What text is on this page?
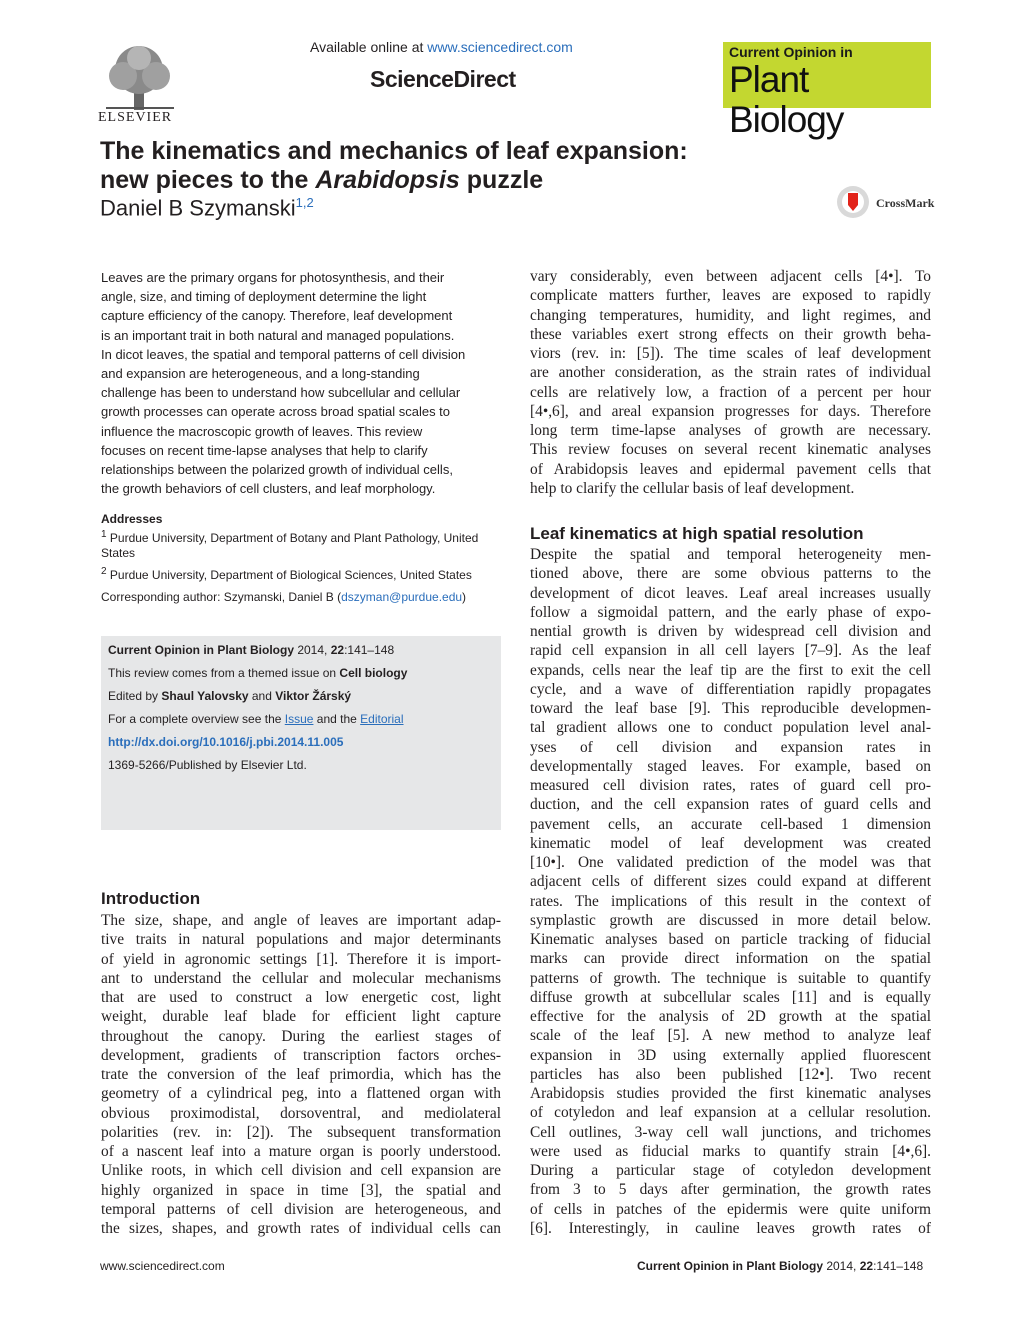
ELSEVIER
Available online at www.sciencedirect.com
ScienceDirect
Current Opinion in
Plant Biology
The kinematics and mechanics of leaf expansion:
new pieces to the Arabidopsis puzzle
Daniel B Szymanski$^{1,2}$	CrossMark

Leaves are the primary organs for photosynthesis, and their

angle, size, and timing of deployment determine the light

capture efficiency of the canopy. Therefore, leaf development

is an important trait in both natural and managed populations.

In dicot leaves, the spatial and temporal patterns of cell division

and expansion are heterogeneous, and a long-standing

challenge has been to understand how subcellular and cellular

growth processes can operate across broad spatial scales to

influence the macroscopic growth of leaves. This review

focuses on recent time-lapse analyses that help to clarify

relationships between the polarized growth of individual cells,

the growth behaviors of cell clusters, and leaf morphology.

Addresses
$^1$ Purdue University, Department of Botany and Plant Pathology, United
States
$^2$ Purdue University, Department of Biological Sciences, United States
Corresponding author: Szymanski, Daniel B (dszyman@purdue.edu)
Current Opinion in Plant Biology 2014, 22:141–148
This review comes from a themed issue on Cell biology
Edited by Shaul Yalovsky and Viktor Žárský
For a complete overview see the Issue and the Editorial
http://dx.doi.org/10.1016/j.pbi.2014.11.005
1369-5266/Published by Elsevier Ltd.
Introduction
The size, shape, and angle of leaves are important adap-
tive traits in natural populations and major determinants
of yield in agronomic settings [1]. Therefore it is import-
ant to understand the cellular and molecular mechanisms
that are used to construct a low energetic cost, light
weight, durable leaf blade for efficient light capture
throughout the canopy. During the earliest stages of
development, gradients of transcription factors orches-
trate the conversion of the leaf primordia, which has the
geometry of a cylindrical peg, into a flattened organ with
obvious proximodistal, dorsoventral, and mediolateral
polarities (rev. in: [2]). The subsequent transformation
of a nascent leaf into a mature organ is poorly understood.
Unlike roots, in which cell division and cell expansion are
highly organized in space in time [3], the spatial and
temporal patterns of cell division are heterogeneous, and
the sizes, shapes, and growth rates of individual cells can
vary considerably, even between adjacent cells [4•]. To
complicate matters further, leaves are exposed to rapidly
changing temperatures, humidity, and light regimes, and
these variables exert strong effects on their growth beha-
viors (rev. in: [5]). The time scales of leaf development
are another consideration, as the strain rates of individual
cells are relatively low, a fraction of a percent per hour
[4•,6], and areal expansion progresses for days. Therefore
long term time-lapse analyses of growth are necessary.
This review focuses on several recent kinematic analyses
of Arabidopsis leaves and epidermal pavement cells that
help to clarify the cellular basis of leaf development.
Leaf kinematics at high spatial resolution
Despite the spatial and temporal heterogeneity men-
tioned above, there are some obvious patterns to the
development of dicot leaves. Leaf areal increases usually
follow a sigmoidal pattern, and the early phase of expo-
nential growth is driven by widespread cell division and
rapid cell expansion in all cell layers [7–9]. As the leaf
expands, cells near the leaf tip are the first to exit the cell
cycle, and a wave of differentiation rapidly propagates
toward the leaf base [9]. This reproducible developmen-
tal gradient allows one to conduct population level anal-
yses of cell division and expansion rates in
developmentally staged leaves. For example, based on
measured cell division rates, rates of guard cell pro-
duction, and the cell expansion rates of guard cells and
pavement cells, an accurate cell-based 1 dimension
kinematic model of leaf development was created
[10•]. One validated prediction of the model was that
adjacent cells of different sizes could expand at different
rates. The implications of this result in the context of
symplastic growth are discussed in more detail below.
Kinematic analyses based on particle tracking of fiducial
marks can provide direct information on the spatial
patterns of growth. The technique is suitable to quantify
diffuse growth at subcellular scales [11] and is equally
effective for the analysis of 2D growth at the spatial
scale of the leaf [5]. A new method to analyze leaf
expansion in 3D using externally applied fluorescent
particles has also been published [12•]. Two recent
Arabidopsis studies provided the first kinematic analyses
of cotyledon and leaf expansion at a cellular resolution.
Cell outlines, 3-way cell wall junctions, and trichomes
were used as fiducial marks to quantify strain [4•,6].
During a particular stage of cotyledon development
from 3 to 5 days after germination, the growth rates
of cells in patches of the epidermis were quite uniform
[6]. Interestingly, in cauline leaves growth rates of
www.sciencedirect.com	Current Opinion in Plant Biology 2014, 22:141–148
